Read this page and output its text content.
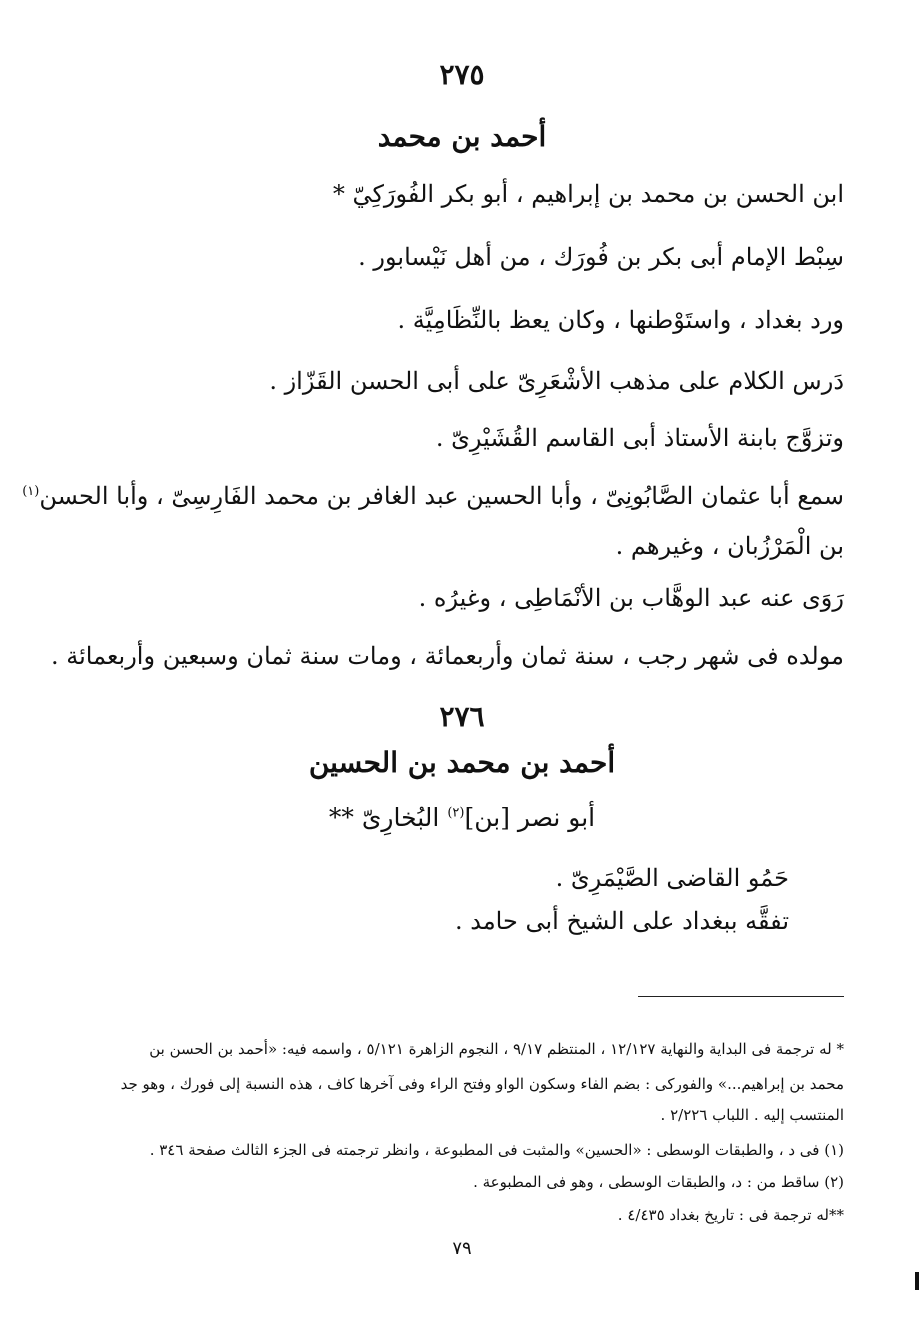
٢٧٥
أحمد بن محمد
ابن الحسن بن محمد بن إبراهيم ، أبو بكر الفُورَكِيّ *
سِبْط الإمام أبى بكر بن فُورَك ، من أهل نَيْسابور .
ورد بغداد ، واستَوْطنها ، وكان يعظ بالنِّظَامِيَّة .
دَرس الكلام على مذهب الأشْعَرِىّ على أبى الحسن القَزّاز .
وتزوَّج بابنة الأستاذ أبى القاسم القُشَيْرِىّ .
سمع أبا عثمان الصَّابُونِىّ ، وأبا الحسين عبد الغافر بن محمد الفَارِسِىّ ، وأبا الحسن$^{(١)}$
بن الْمَرْزُبان ، وغيرهم .
رَوَى عنه عبد الوهَّاب بن الأنْمَاطِى ، وغيرُه .
مولده فى شهر رجب ، سنة ثمان وأربعمائة ، ومات سنة ثمان وسبعين وأربعمائة .
٢٧٦
أحمد بن محمد بن الحسين
أبو نصر [بن]$^{(٢)}$ البُخارِىّ **
حَمُو القاضى الصَّيْمَرِىّ .
تفقَّه ببغداد على الشيخ أبى حامد .
* له ترجمة فى البداية والنهاية ١٢/١٢٧ ، المنتظم ٩/١٧ ، النجوم الزاهرة ٥/١٢١ ، واسمه فيه: «أحمد بن الحسن بن
محمد بن إبراهيم...» والفوركى : بضم الفاء وسكون الواو وفتح الراء وفى آخرها كاف ، هذه النسبة إلى فورك ، وهو جد
المنتسب إليه . اللباب ٢/٢٢٦ .
(١) فى د ، والطبقات الوسطى : «الحسين» والمثبت فى المطبوعة ، وانظر ترجمته فى الجزء الثالث صفحة ٣٤٦ .
(٢) ساقط من : د، والطبقات الوسطى ، وهو فى المطبوعة .
**له ترجمة فى : تاريخ بغداد ٤/٤٣٥ .
٧٩
